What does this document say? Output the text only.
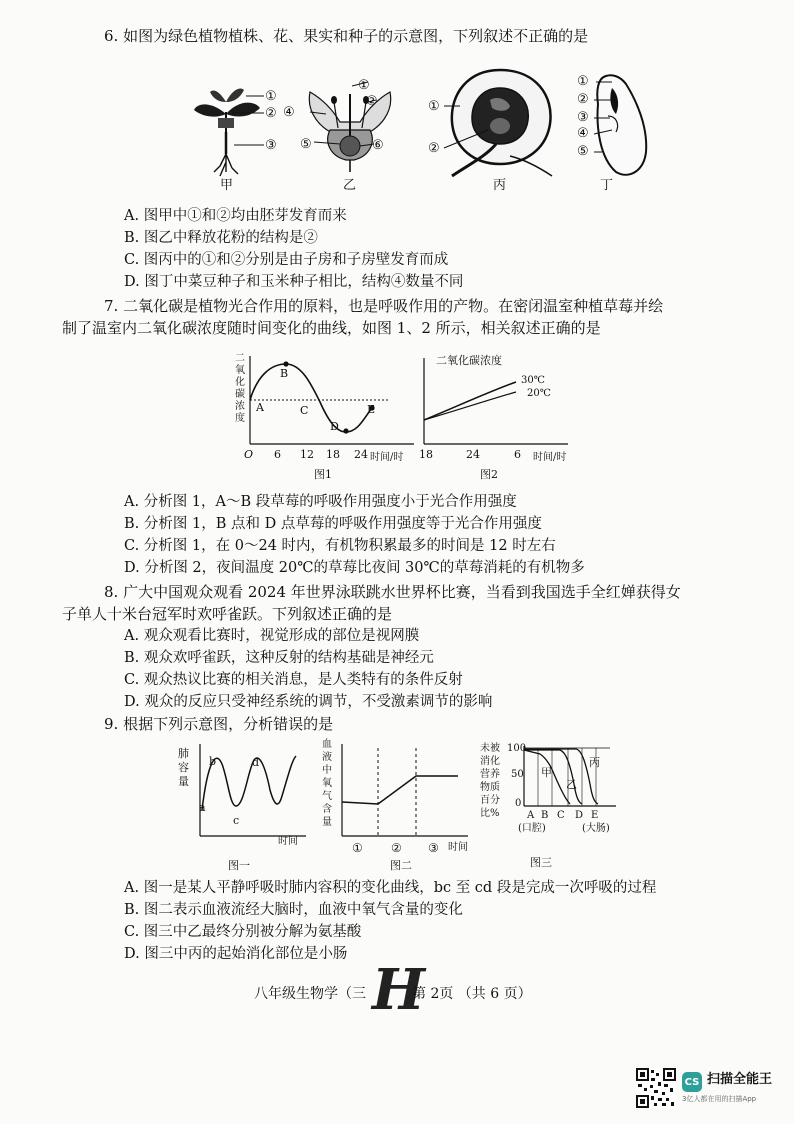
6. 如图为绿色植物植株、花、果实和种子的示意图，下列叙述不正确的是
①
②
③
甲
①
②
④
⑤	⑥
乙
①
②
丙
①
②
③
④
⑤
丁
A. 图甲中①和②均由胚芽发育而来
B. 图乙中释放花粉的结构是②
C. 图丙中的①和②分别是由子房和子房壁发育而成
D. 图丁中菜豆种子和玉米种子相比，结构④数量不同
7. 二氧化碳是植物光合作用的原料，也是呼吸作用的产物。在密闭温室种植草莓并绘
制了温室内二氧化碳浓度随时间变化的曲线，如图 1、2 所示，相关叙述正确的是
二
氧
化
碳
浓
度
A
B
C
D
E
O 6 12 18 24 时间/时
图1
二氧化碳浓度
30℃
20℃
18	24	6 时间/时
图2
A. 分析图 1，A～B 段草莓的呼吸作用强度小于光合作用强度
B. 分析图 1，B 点和 D 点草莓的呼吸作用强度等于光合作用强度
C. 分析图 1，在 0～24 时内，有机物积累最多的时间是 12 时左右
D. 分析图 2，夜间温度 20℃的草莓比夜间 30℃的草莓消耗的有机物多
8. 广大中国观众观看 2024 年世界泳联跳水世界杯比赛，当看到我国选手全红婵获得女
子单人十米台冠军时欢呼雀跃。下列叙述正确的是
A. 观众观看比赛时，视觉形成的部位是视网膜
B. 观众欢呼雀跃，这种反射的结构基础是神经元
C. 观众热议比赛的相关消息，是人类特有的条件反射
D. 观众的反应只受神经系统的调节，不受激素调节的影响
9. 根据下列示意图，分析错误的是
肺
容
量
a
b
c
d
时间
图一
血
液
中
氧
气
含
量
① ② ③ 时间
图二
未被
消化
营养
物质
百分
比%
100
50
0
甲
乙
丙
A B C D E
(口腔)	(大肠)
图三
A. 图一是某人平静呼吸时肺内容积的变化曲线，bc 至 cd 段是完成一次呼吸的过程
B. 图二表示血液流经大脑时，血液中氧气含量的变化
C. 图三中乙最终分别被分解为氨基酸
D. 图三中丙的起始消化部位是小肠
八年级生物学（三 H
第 2页 （共 6 页）
CS 扫描全能王
3亿人都在用的扫描App
